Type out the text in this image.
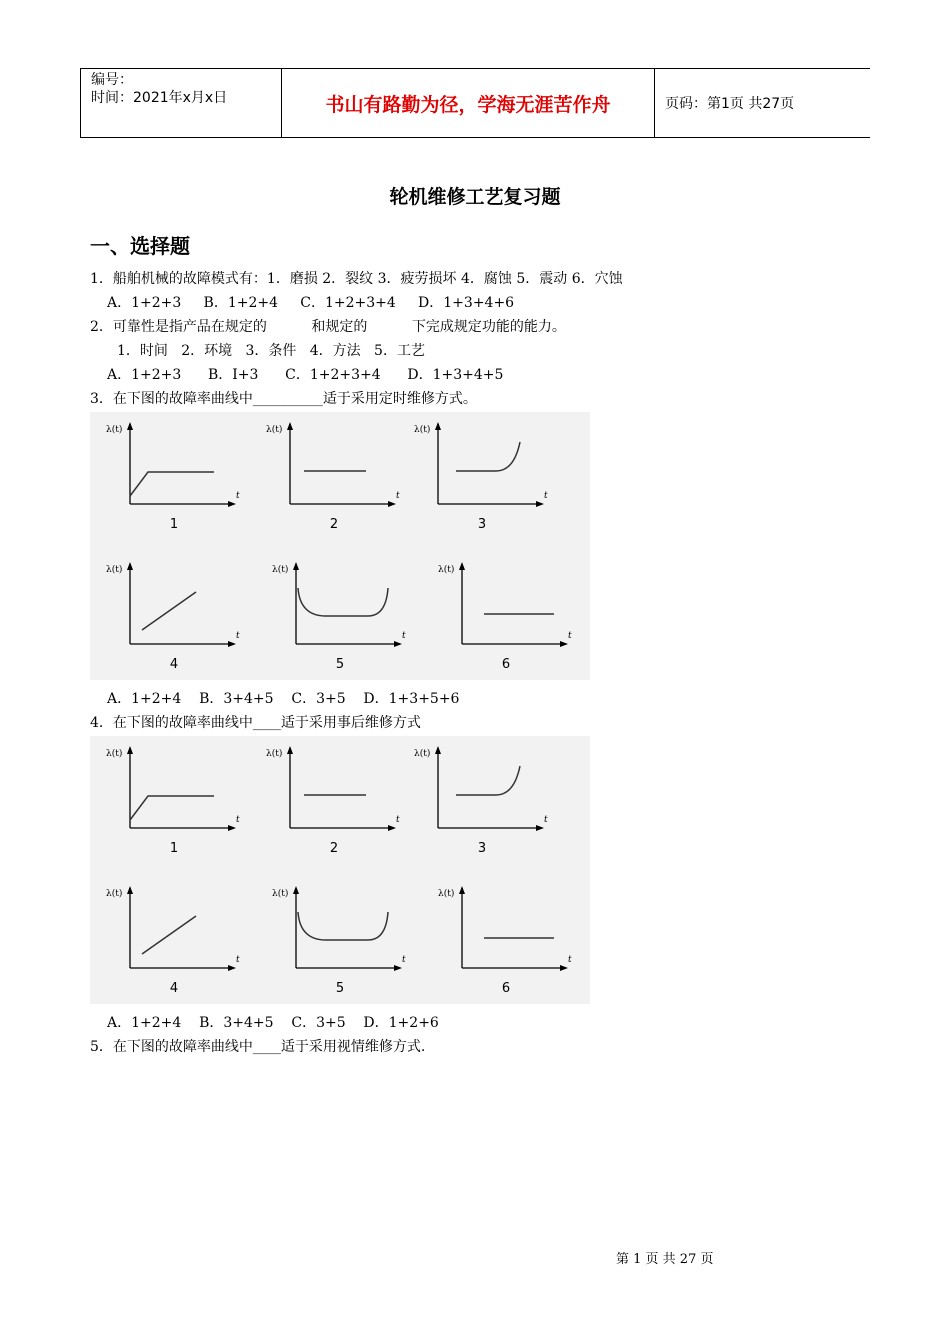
编号：
时间：2021年x月x日	书山有路勤为径，学海无涯苦作舟	页码：第1页 共27页
轮机维修工艺复习题
一、选择题
1．船舶机械的故障模式有：1．磨损 2．裂纹 3．疲劳损坏 4．腐蚀 5．震动 6．穴蚀
A．1+2+3     B．1+2+4     C．1+2+3+4     D．1+3+4+6
2．可靠性是指产品在规定的          和规定的          下完成规定功能的能力。
1．时间   2．环境   3．条件   4．方法   5．工艺
A．1+2+3      B．I+3      C．1+2+3+4      D．1+3+4+5
3．在下图的故障率曲线中__________适于采用定时维修方式。
λ(t)
t
1
λ(t)
t
2
λ(t)
t
3
λ(t)
t
4
λ(t)
t
5
λ(t)
t
6
A．1+2+4    B．3+4+5    C．3+5    D．1+3+5+6
4．在下图的故障率曲线中____适于采用事后维修方式
λ(t)
t
1
λ(t)
t
2
λ(t)
t
3
λ(t)
t
4
λ(t)
t
5
λ(t)
t
6
A．1+2+4    B．3+4+5    C．3+5    D．1+2+6
5．在下图的故障率曲线中____适于采用视情维修方式.
第 1 页 共 27 页
